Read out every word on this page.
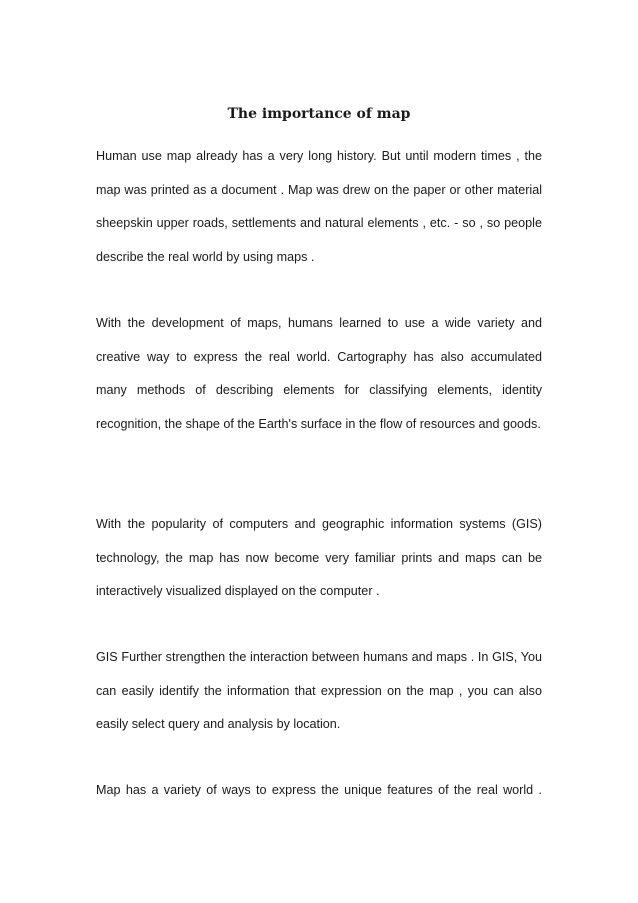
The importance of map

Human use map already has a very long history. But until modern times , the map was printed as a document . Map was drew on the paper or other material sheepskin upper roads, settlements and natural elements , etc. - so , so people describe the real world by using maps .

With the development of maps, humans learned to use a wide variety and creative way to express the real world. Cartography has also accumulated many methods of describing elements for classifying elements, identity recognition, the shape of the Earth's surface in the flow of resources and goods.

With the popularity of computers and geographic information systems (GIS) technology, the map has now become very familiar prints and maps can be interactively visualized displayed on the computer .

GIS Further strengthen the interaction between humans and maps . In GIS, You can easily identify the information that expression on the map , you can also easily select query and analysis by location.

Map has a variety of ways to express the unique features of the real world .
